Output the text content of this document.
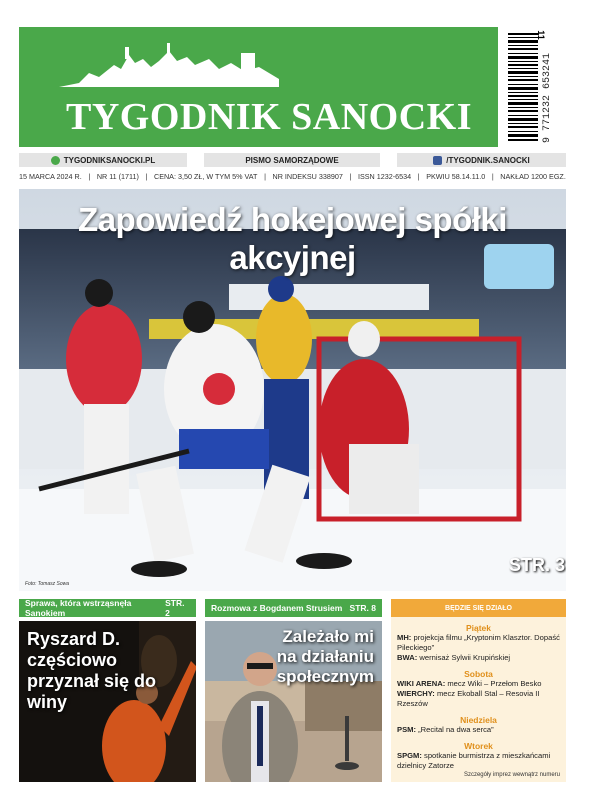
TYGODNIK SANOCKI	9 771232 653241
11
TYGODNIKSANOCKI.PL	PISMO SAMORZĄDOWE	/TYGODNIK.SANOCKI
15 MARCA 2024 R. | NR 11 (1711) | CENA: 3,50 ZŁ, W TYM 5% VAT | NR INDEKSU 338907 | ISSN 1232-6534 | PKWIU 58.14.11.0 | NAKŁAD 1200 EGZ.
Zapowiedź hokejowej spółki akcyjnej
Foto: Tomasz Sowa
STR. 3
Sprawa, która wstrząsnęła Sanokiem
STR. 2
Ryszard D. częściowo
przyznał się do winy
Rozmowa z Bogdanem Strusiem STR. 8
Zależało mi
na działaniu
społecznym
BĘDZIE SIĘ DZIAŁO
Piątek
MH: projekcja filmu „Kryptonim Klasztor. Dopaść Pileckiego”
BWA: wernisaż Sylwii Krupińskiej
Sobota
WIKI ARENA: mecz Wiki – Przełom Besko
WIERCHY: mecz Ekoball Stal – Resovia II Rzeszów
Niedziela
PSM: „Recital na dwa serca”
Wtorek
SPGM: spotkanie burmistrza z mieszkańcami dzielnicy Zatorze
Szczegóły imprez wewnątrz numeru
